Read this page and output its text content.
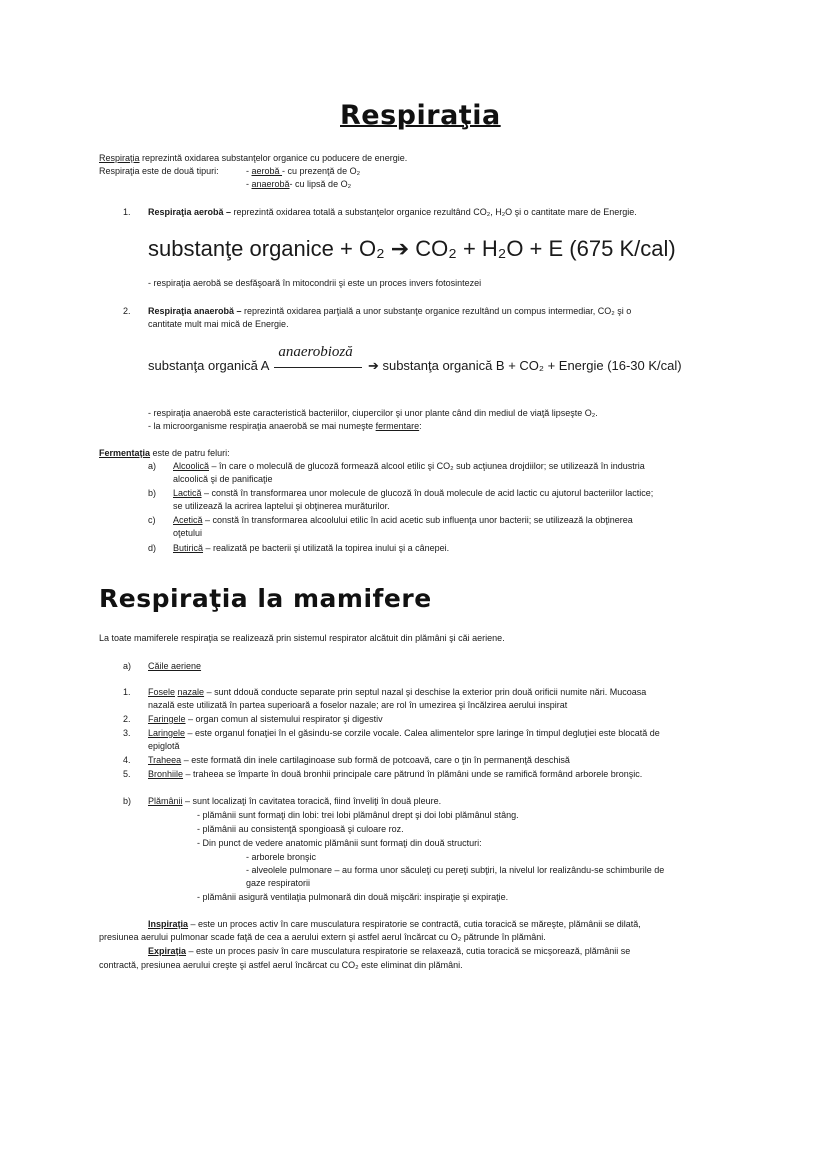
Respiraţia
Respiraţia la mamifere
substanţa organică A
anaerobioză
➔ substanţa organică B + CO₂ + Energie (16-30 K/cal)
Respiraţia reprezintă oxidarea substanţelor organice cu poducere de energie.
Respiraţia este de două tipuri:	- aerobă - cu prezenţă de O₂
- anaerobă- cu lipsă de O₂
1. Respiraţia aerobă – reprezintă oxidarea totală a substanţelor organice rezultând CO₂, H₂O şi o cantitate mare de Energie.
substanţe organice + O₂ ➔ CO₂ + H₂O + E (675 K/cal)
- respiraţia aerobă se desfăşoară în mitocondrii şi este un proces invers fotosintezei
2. Respiraţia anaerobă – reprezintă oxidarea parţială a unor substanţe organice rezultând un compus intermediar, CO₂ şi o
cantitate mult mai mică de Energie.
- respiraţia anaerobă este caracteristică bacteriilor, ciupercilor şi unor plante când din mediul de viaţă lipseşte O₂.
- la microorganisme respiraţia anaerobă se mai numeşte fermentare:
Fermentaţia este de patru feluri:
a) Alcoolică – în care o moleculă de glucoză formează alcool etilic şi CO₂ sub acţiunea drojdiilor; se utilizează în industria
alcoolică şi de panificaţie
b) Lactică – constă în transformarea unor molecule de glucoză în două molecule de acid lactic cu ajutorul bacteriilor lactice;
se utilizează la acrirea laptelui şi obţinerea murăturilor.
c) Acetică – constă în transformarea alcoolului etilic în acid acetic sub influenţa unor bacterii; se utilizează la obţinerea
oţetului
d) Butirică – realizată pe bacterii şi utilizată la topirea inului şi a cânepei.
La toate mamiferele respiraţia se realizează prin sistemul respirator alcătuit din plămâni şi căi aeriene.
a) Căile aeriene
1. Fosele nazale – sunt ddouă conducte separate prin septul nazal şi deschise la exterior prin două orificii numite nări. Mucoasa
nazală este utilizată în partea superioară a foselor nazale; are rol în umezirea şi încălzirea aerului inspirat
2. Faringele – organ comun al sistemului respirator şi digestiv
3. Laringele – este organul fonaţiei în el găsindu-se corzile vocale. Calea alimentelor spre laringe în timpul degluţiei este blocată de
epiglotă
4. Traheea – este formată din inele cartilaginoase sub formă de potcoavă, care o ţin în permanenţă deschisă
5. Bronhiile – traheea se împarte în două bronhii principale care pătrund în plămâni unde se ramifică formând arborele bronşic.
b) Plămânii – sunt localizaţi în cavitatea toracică, fiind înveliţi în două pleure.
- plămânii sunt formaţi din lobi: trei lobi plămânul drept şi doi lobi plămânul stâng.
- plămânii au consistenţă spongioasă şi culoare roz.
- Din punct de vedere anatomic plămânii sunt formaţi din două structuri:
- arborele bronşic
- alveolele pulmonare – au forma unor săculeţi cu pereţi subţiri, la nivelul lor realizându-se schimburile de
gaze respiratorii
- plămânii asigură ventilaţia pulmonară din două mişcări: inspiraţie şi expiraţie.
Inspiraţia – este un proces activ în care musculatura respiratorie se contractă, cutia toracică se măreşte, plămânii se dilată,
presiunea aerului pulmonar scade faţă de cea a aerului extern şi astfel aerul încărcat cu O₂ pătrunde în plămâni.
Expiraţia – este un proces pasiv în care musculatura respiratorie se relaxează, cutia toracică se micşorează, plămânii se
contractă, presiunea aerului creşte şi astfel aerul încărcat cu CO₂ este eliminat din plămâni.
